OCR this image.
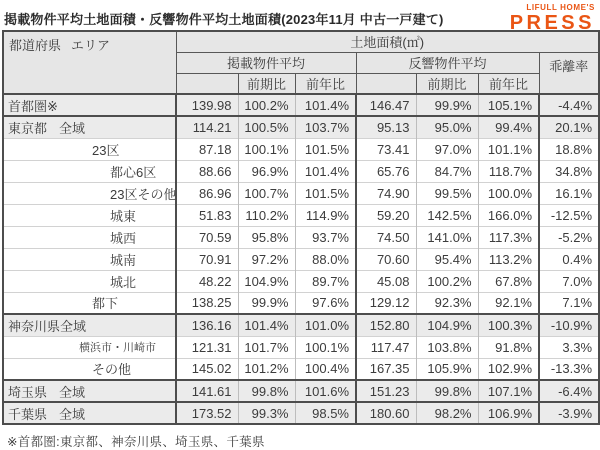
掲載物件平均土地面積・反響物件平均土地面積(2023年11月 中古一戸建て)
LIFULL HOME'S
PRESS
都道府県 エリア	土地面積(㎡)						
	掲載物件平均			反響物件平均			乖離率
		前期比	前年比		前期比	前年比	
首都圏※	139.98	100.2%	101.4%	146.47	99.9%	105.1%	-4.4%
東京都 全域	114.21	100.5%	103.7%	95.13	95.0%	99.4%	20.1%
23区	87.18	100.1%	101.5%	73.41	97.0%	101.1%	18.8%
都心6区	88.66	96.9%	101.4%	65.76	84.7%	118.7%	34.8%
23区その他	86.96	100.7%	101.5%	74.90	99.5%	100.0%	16.1%
城東	51.83	110.2%	114.9%	59.20	142.5%	166.0%	-12.5%
城西	70.59	95.8%	93.7%	74.50	141.0%	117.3%	-5.2%
城南	70.91	97.2%	88.0%	70.60	95.4%	113.2%	0.4%
城北	48.22	104.9%	89.7%	45.08	100.2%	67.8%	7.0%
都下	138.25	99.9%	97.6%	129.12	92.3%	92.1%	7.1%
神奈川県全域	136.16	101.4%	101.0%	152.80	104.9%	100.3%	-10.9%
横浜市・川崎市	121.31	101.7%	100.1%	117.47	103.8%	91.8%	3.3%
その他	145.02	101.2%	100.4%	167.35	105.9%	102.9%	-13.3%
埼玉県 全域	141.61	99.8%	101.6%	151.23	99.8%	107.1%	-6.4%
千葉県 全域	173.52	99.3%	98.5%	180.60	98.2%	106.9%	-3.9%
※首都圏:東京都、神奈川県、埼玉県、千葉県
